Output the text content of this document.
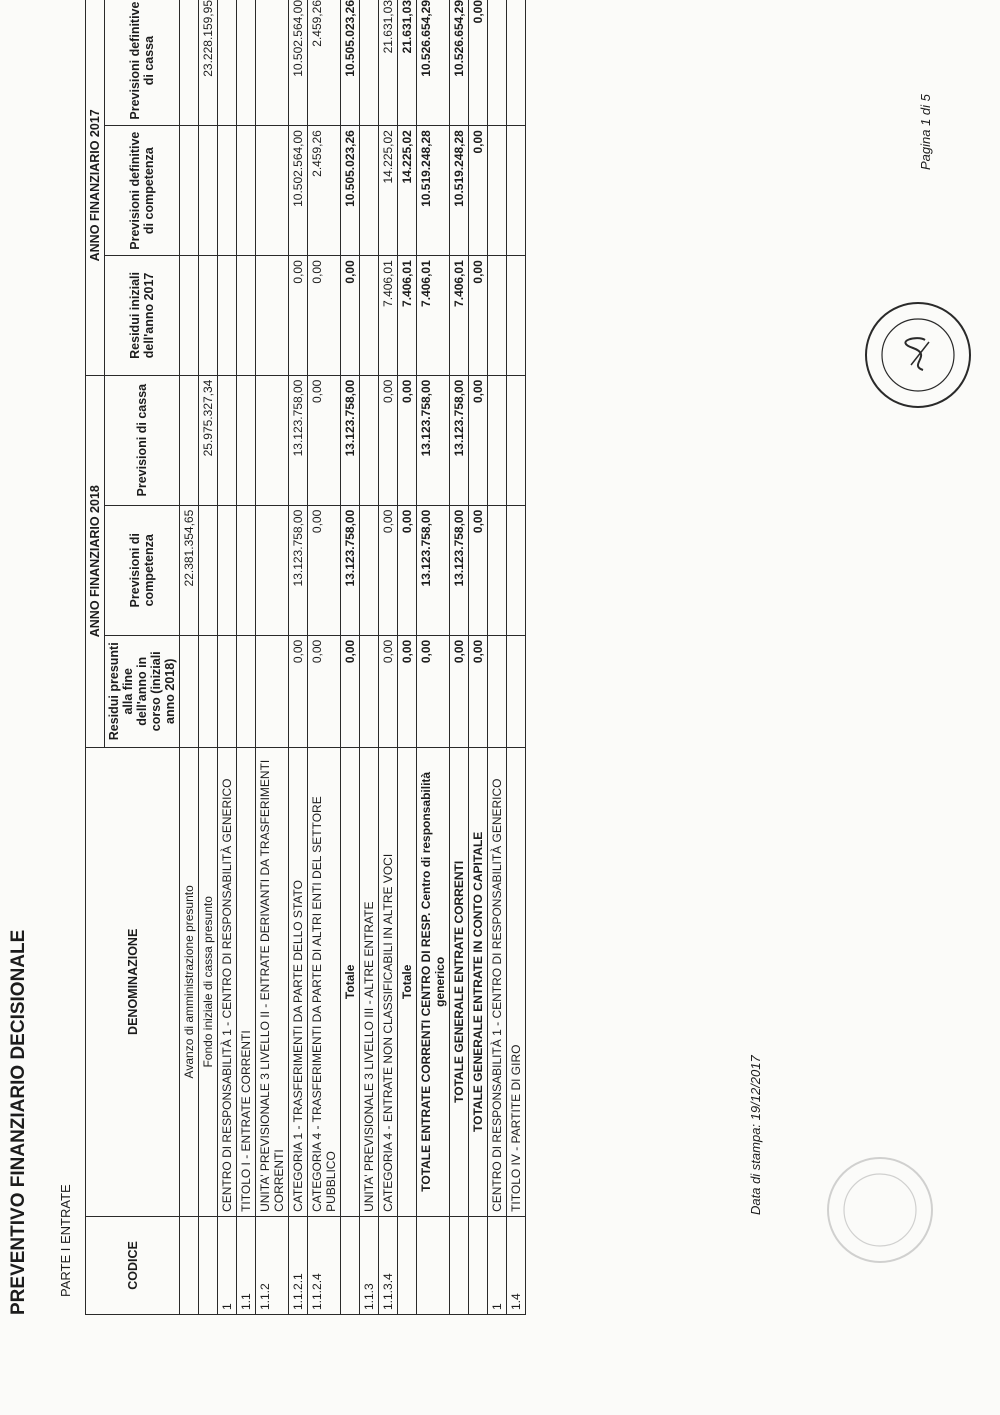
PREVENTIVO FINANZIARIO DECISIONALE PARTE I ENTRATE	CODICE	DENOMINAZIONE	ANNO FINANZIARIO 2018			ANNO FINANZIARIO 2017		
		Residui presunti alla fine dell'anno in corso (iniziali anno 2018)	Previsioni di competenza	Previsioni di cassa	Residui iniziali dell'anno 2017	Previsioni definitive di competenza	Previsioni definitive di cassa
	Avanzo di amministrazione presunto		22.381.354,65				
	Fondo iniziale di cassa presunto			25.975.327,34			23.228.159,95
1	CENTRO DI RESPONSABILITÀ 1 - CENTRO DI RESPONSABILITÀ GENERICO						
1.1	TITOLO I - ENTRATE CORRENTI						
1.1.2	UNITA' PREVISIONALE 3 LIVELLO II - ENTRATE DERIVANTI DA TRASFERIMENTI CORRENTI						
1.1.2.1	CATEGORIA 1 - TRASFERIMENTI DA PARTE DELLO STATO	0,00	13.123.758,00	13.123.758,00	0,00	10.502.564,00	10.502.564,00
1.1.2.4	CATEGORIA 4 - TRASFERIMENTI DA PARTE DI ALTRI ENTI DEL SETTORE PUBBLICO	0,00	0,00	0,00	0,00	2.459,26	2.459,26
	Totale	0,00	13.123.758,00	13.123.758,00	0,00	10.505.023,26	10.505.023,26
1.1.3	UNITA' PREVISIONALE 3 LIVELLO III - ALTRE ENTRATE						
1.1.3.4	CATEGORIA 4 - ENTRATE NON CLASSIFICABILI IN ALTRE VOCI	0,00	0,00	0,00	7.406,01	14.225,02	21.631,03
	Totale	0,00	0,00	0,00	7.406,01	14.225,02	21.631,03
	TOTALE ENTRATE CORRENTI CENTRO DI RESP. Centro di responsabilità generico	0,00	13.123.758,00	13.123.758,00	7.406,01	10.519.248,28	10.526.654,29
	TOTALE GENERALE ENTRATE CORRENTI	0,00	13.123.758,00	13.123.758,00	7.406,01	10.519.248,28	10.526.654,29
	TOTALE GENERALE ENTRATE IN CONTO CAPITALE	0,00	0,00	0,00	0,00	0,00	0,00
1	CENTRO DI RESPONSABILITÀ 1 - CENTRO DI RESPONSABILITÀ GENERICO						
1.4	TITOLO IV - PARTITE DI GIRO							Data di stampa: 19/12/2017
Pagina 1 di 5
